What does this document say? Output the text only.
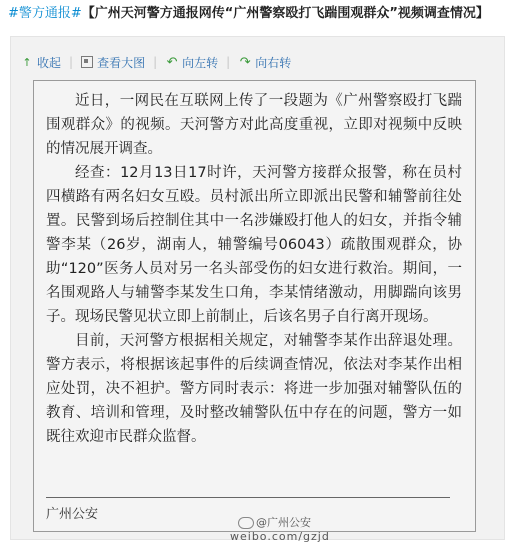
#警方通报#【广州天河警方通报网传“广州警察殴打飞踹围观群众”视频调查情况】
↑ 收起 | 查看大图 | ↶ 向左转 | ↷ 向右转

近日，一网民在互联网上传了一段题为《广州警察殴打飞踹围观群众》的视频。天河警方对此高度重视，立即对视频中反映的情况展开调查。

经查：12月13日17时许，天河警方接群众报警，称在员村四横路有两名妇女互殴。员村派出所立即派出民警和辅警前往处置。民警到场后控制住其中一名涉嫌殴打他人的妇女，并指令辅警李某（26岁，湖南人，辅警编号06043）疏散围观群众，协助“120”医务人员对另一名头部受伤的妇女进行救治。期间，一名围观路人与辅警李某发生口角，李某情绪激动，用脚踹向该男子。现场民警见状立即上前制止，后该名男子自行离开现场。

目前，天河警方根据相关规定，对辅警李某作出辞退处理。警方表示，将根据该起事件的后续调查情况，依法对李某作出相应处罚，决不袒护。警方同时表示：将进一步加强对辅警队伍的教育、培训和管理，及时整改辅警队伍中存在的问题，警方一如既往欢迎市民群众监督。

广州公安
@广州公安
weibo.com/gzjd
